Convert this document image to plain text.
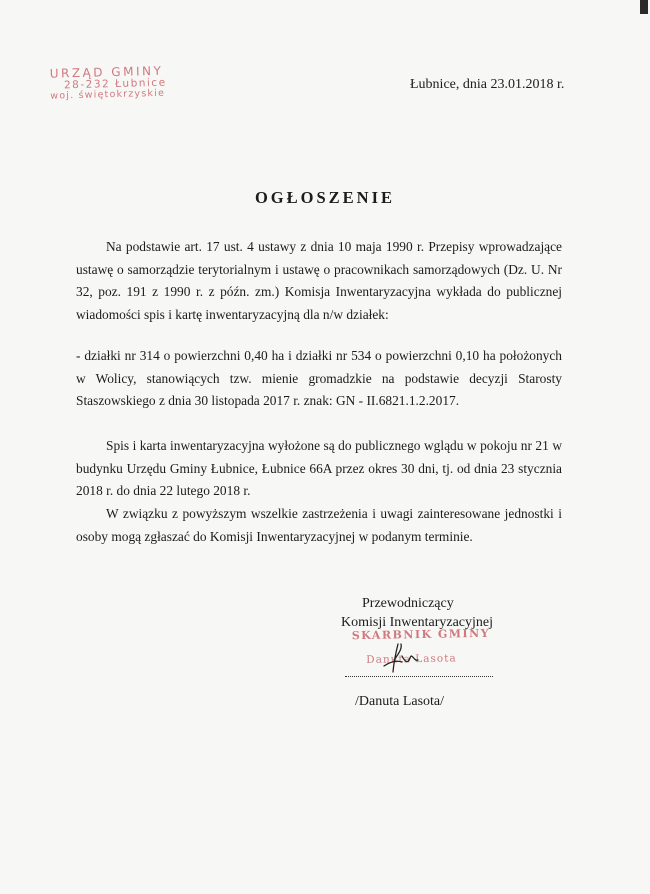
URZĄD GMINY
28-232 Łubnice
woj. świętokrzyskie
Łubnice, dnia 23.01.2018 r.
OGŁOSZENIE

Na podstawie art. 17 ust. 4 ustawy z dnia 10 maja 1990 r. Przepisy wprowadzające ustawę o samorządzie terytorialnym i ustawę o pracownikach samorządowych (Dz. U. Nr 32, poz. 191 z 1990 r. z późn. zm.) Komisja Inwentaryzacyjna wykłada do publicznej wiadomości spis i kartę inwentaryzacyjną dla n/w działek:

- działki nr 314 o powierzchni 0,40 ha i działki nr 534 o powierzchni 0,10 ha położonych w Wolicy, stanowiących tzw. mienie gromadzkie na podstawie decyzji Starosty Staszowskiego z dnia 30 listopada 2017 r. znak: GN - II.6821.1.2.2017.

Spis i karta inwentaryzacyjna wyłożone są do publicznego wglądu w pokoju nr 21 w budynku Urzędu Gminy Łubnice, Łubnice 66A przez okres 30 dni, tj. od dnia 23 stycznia 2018 r. do dnia 22 lutego 2018 r.

W związku z powyższym wszelkie zastrzeżenia i uwagi zainteresowane jednostki i osoby mogą zgłaszać do Komisji Inwentaryzacyjnej w podanym terminie.

Przewodniczący
Komisji Inwentaryzacyjnej
SKARBNIK GMINY
Danuta Lasota
/Danuta Lasota/
